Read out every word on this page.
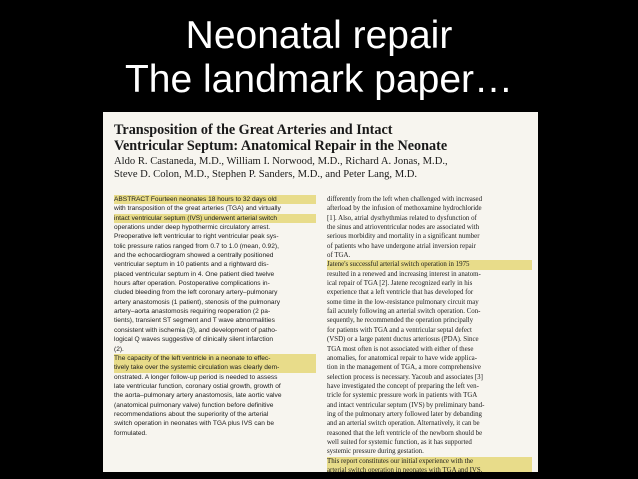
Neonatal repair
The landmark paper…
Transposition of the Great Arteries and Intact
Ventricular Septum: Anatomical Repair in the Neonate
Aldo R. Castaneda, M.D., William I. Norwood, M.D., Richard A. Jonas, M.D.,
Steve D. Colon, M.D., Stephen P. Sanders, M.D., and Peter Lang, M.D.
ABSTRACT Fourteen neonates 18 hours to 32 days old
with transposition of the great arteries (TGA) and virtually
intact ventricular septum (IVS) underwent arterial switch
operations under deep hypothermic circulatory arrest.
Preoperative left ventricular to right ventricular peak sys-
tolic pressure ratios ranged from 0.7 to 1.0 (mean, 0.92),
and the echocardiogram showed a centrally positioned
ventricular septum in 10 patients and a rightward dis-
placed ventricular septum in 4. One patient died twelve
hours after operation. Postoperative complications in-
cluded bleeding from the left coronary artery–pulmonary
artery anastomosis (1 patient), stenosis of the pulmonary
artery–aorta anastomosis requiring reoperation (2 pa-
tients), transient ST segment and T wave abnormalities
consistent with ischemia (3), and development of patho-
logical Q waves suggestive of clinically silent infarction
(2).
The capacity of the left ventricle in a neonate to effec-
tively take over the systemic circulation was clearly dem-
onstrated. A longer follow-up period is needed to assess
late ventricular function, coronary ostial growth, growth of
the aorta–pulmonary artery anastomosis, late aortic valve
(anatomical pulmonary valve) function before definitive
recommendations about the superiority of the arterial
switch operation in neonates with TGA plus IVS can be
formulated.
differently from the left when challenged with increased
afterload by the infusion of methoxamine hydrochloride
[1]. Also, atrial dysrhythmias related to dysfunction of
the sinus and atrioventricular nodes are associated with
serious morbidity and mortality in a significant number
of patients who have undergone atrial inversion repair
of TGA.
Jatene's successful arterial switch operation in 1975
resulted in a renewed and increasing interest in anatom-
ical repair of TGA [2]. Jatene recognized early in his
experience that a left ventricle that has developed for
some time in the low-resistance pulmonary circuit may
fail acutely following an arterial switch operation. Con-
sequently, he recommended the operation principally
for patients with TGA and a ventricular septal defect
(VSD) or a large patent ductus arteriosus (PDA). Since
TGA most often is not associated with either of these
anomalies, for anatomical repair to have wide applica-
tion in the management of TGA, a more comprehensive
selection process is necessary. Yacoub and associates [3]
have investigated the concept of preparing the left ven-
tricle for systemic pressure work in patients with TGA
and intact ventricular septum (IVS) by preliminary band-
ing of the pulmonary artery followed later by debanding
and an arterial switch operation. Alternatively, it can be
reasoned that the left ventricle of the newborn should be
well suited for systemic function, as it has supported
systemic pressure during gestation.
This report constitutes our initial experience with the
arterial switch operation in neonates with TGA and IVS.
